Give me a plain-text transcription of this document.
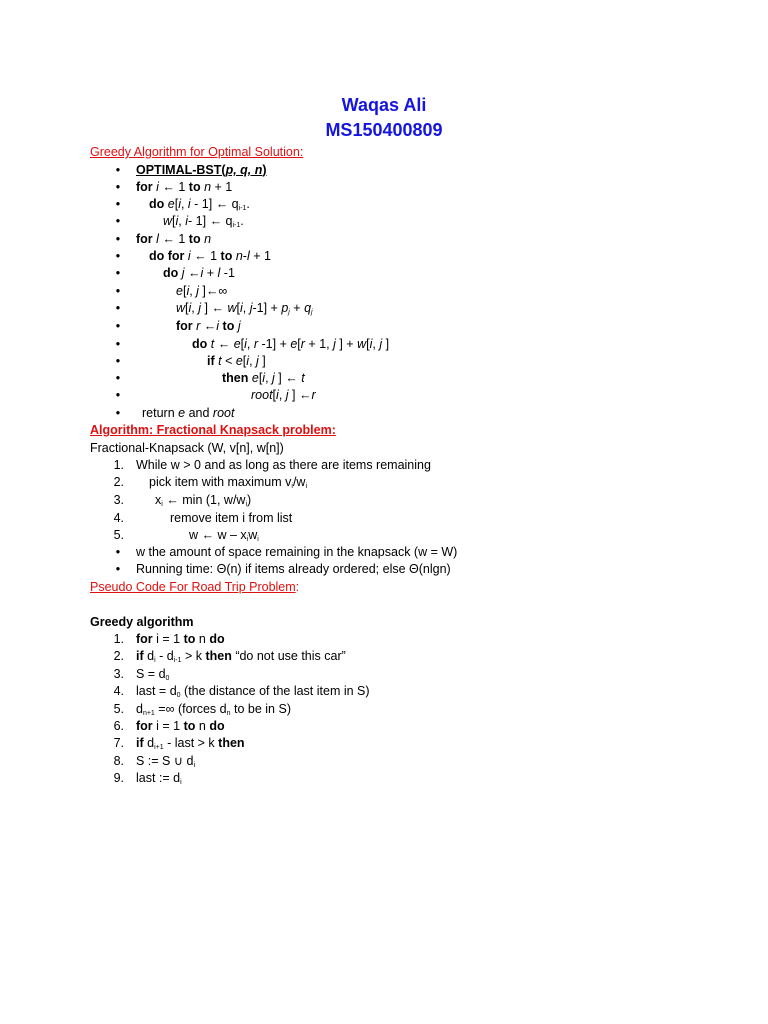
Waqas Ali
MS150400809
Greedy Algorithm for Optimal Solution:
• OPTIMAL-BST(p, q, n)
• for i ← 1 to n + 1
• do e[i, i - 1] ← $q_{i-1}$.
•	w[i, i- 1] ← $q_{i-1}$.
• for l ← 1 to n
• do for i ← 1 to n-l + 1
•	do j ←i + l -1
•	e[i, j ]←∞
•	w[i, j ] ← w[i, $j-1] + p_j + q_j$
•	for r ←i to j
•	do t ← e[i, r -1] + e[r + 1, j ] + w[i, j ]
•	if t < e[i, j ]
•	then e[i, j ] ← t
•	root[i, j ] ←r
• return e and root
Algorithm: Fractional Knapsack problem:
Fractional-Knapsack (W, v[n], w[n])
1. While w > 0 and as long as there are items remaining
2. pick item with maximum $v_i/w_i$
3. $x_i$ ← min (1, $w/w_i$)
4.	remove item i from list
5.	w ← w – $x_iw_i$
• w the amount of space remaining in the knapsack (w = W)
• Running time: Θ(n) if items already ordered; else Θ(nlgn)
Pseudo Code For Road Trip Problem:
Greedy algorithm
1. for i = 1 to n do
2. if $d_i - d_{i-1} > k$ then “do not use this car”
3. $S = d_0$
4. last = $d_0$ (the distance of the last item in S)
5. $d_{n+1}$ =∞ (forces $d_n$ to be in S)
6. for i = 1 to n do
7. if $d_{i+1}$ - last > k then
8. S := S ∪ $d_i$
9. last := $d_i$
